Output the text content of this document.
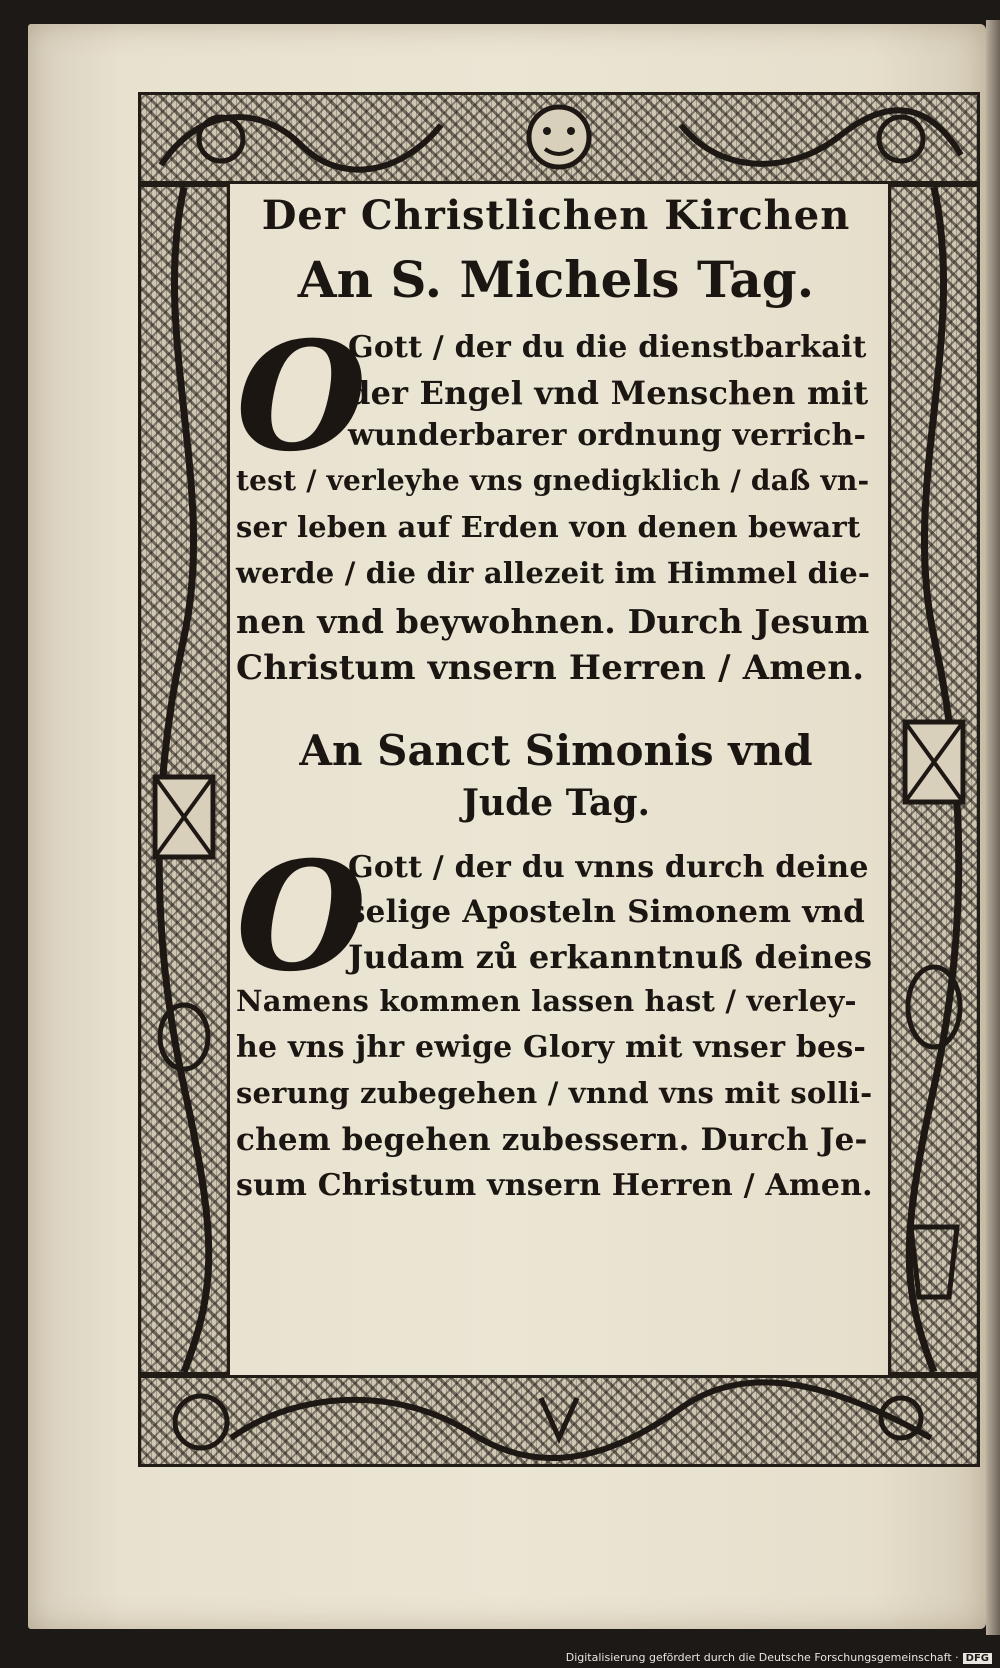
Der Christlichen Kirchen
An S. Michels Tag.
O
Gott / der du die dienstbarkait
der Engel vnd Menschen mit
wunderbarer ordnung verrich-
test / verleyhe vns gnedigklich / daß vn-
ser leben auf Erden von denen bewart
werde / die dir allezeit im Himmel die-
nen vnd beywohnen. Durch Jesum
Christum vnsern Herren / Amen.
An Sanct Simonis vnd
Jude Tag.
O
Gott / der du vnns durch deine
selige Aposteln Simonem vnd
Judam zů erkanntnuß deines
Namens kommen lassen hast / verley-
he vns jhr ewige Glory mit vnser bes-
serung zubegehen / vnnd vns mit solli-
chem begehen zubessern. Durch Je-
sum Christum vnsern Herren / Amen.
Digitalisierung gefördert durch die Deutsche Forschungsgemeinschaft · DFG
